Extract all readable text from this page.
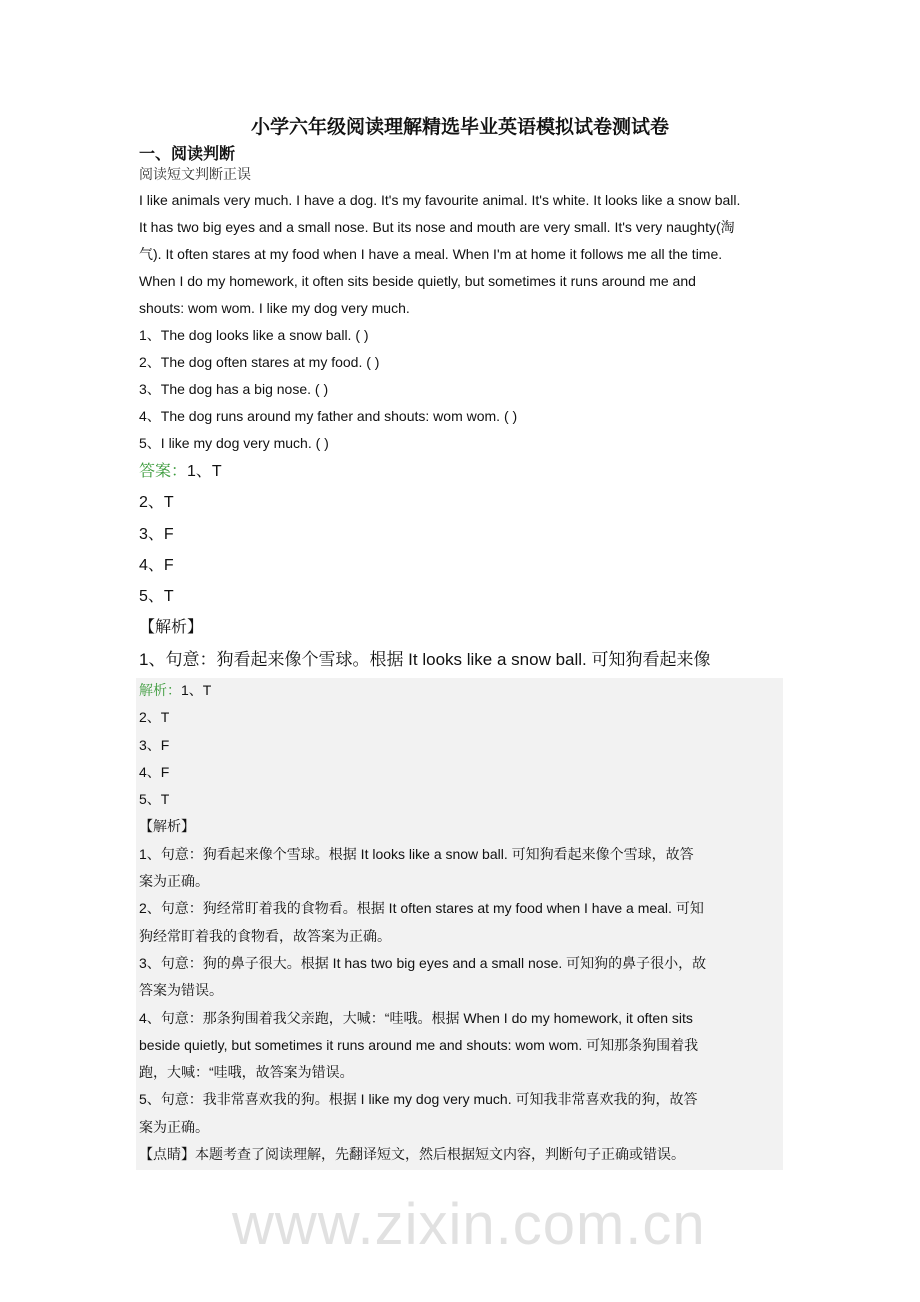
小学六年级阅读理解精选毕业英语模拟试卷测试卷
一、阅读判断
阅读短文判断正误
I like animals very much. I have a dog. It's my favourite animal. It's white. It looks like a snow ball.
It has two big eyes and a small nose. But its nose and mouth are very small. It's very naughty(淘
气). It often stares at my food when I have a meal. When I'm at home it follows me all the time.
When I do my homework, it often sits beside quietly, but sometimes it runs around me and
shouts: wom wom. I like my dog very much.
1、The dog looks like a snow ball. ( )
2、The dog often stares at my food. ( )
3、The dog has a big nose. ( )
4、The dog runs around my father and shouts: wom wom. ( )
5、I like my dog very much. ( )
答案：1、T
2、T
3、F
4、F
5、T
【解析】
1、句意：狗看起来像个雪球。根据 It looks like a snow ball. 可知狗看起来像
解析：1、T
2、T
3、F
4、F
5、T
【解析】
1、句意：狗看起来像个雪球。根据 It looks like a snow ball. 可知狗看起来像个雪球，故答
案为正确。
2、句意：狗经常盯着我的食物看。根据 It often stares at my food when I have a meal. 可知
狗经常盯着我的食物看，故答案为正确。
3、句意：狗的鼻子很大。根据 It has two big eyes and a small nose. 可知狗的鼻子很小，故
答案为错误。
4、句意：那条狗围着我父亲跑，大喊：“哇哦。根据 When I do my homework, it often sits
beside quietly, but sometimes it runs around me and shouts: wom wom. 可知那条狗围着我
跑，大喊：“哇哦，故答案为错误。
5、句意：我非常喜欢我的狗。根据 I like my dog very much. 可知我非常喜欢我的狗，故答
案为正确。
【点睛】本题考查了阅读理解，先翻译短文，然后根据短文内容，判断句子正确或错误。
www.zixin.com.cn
